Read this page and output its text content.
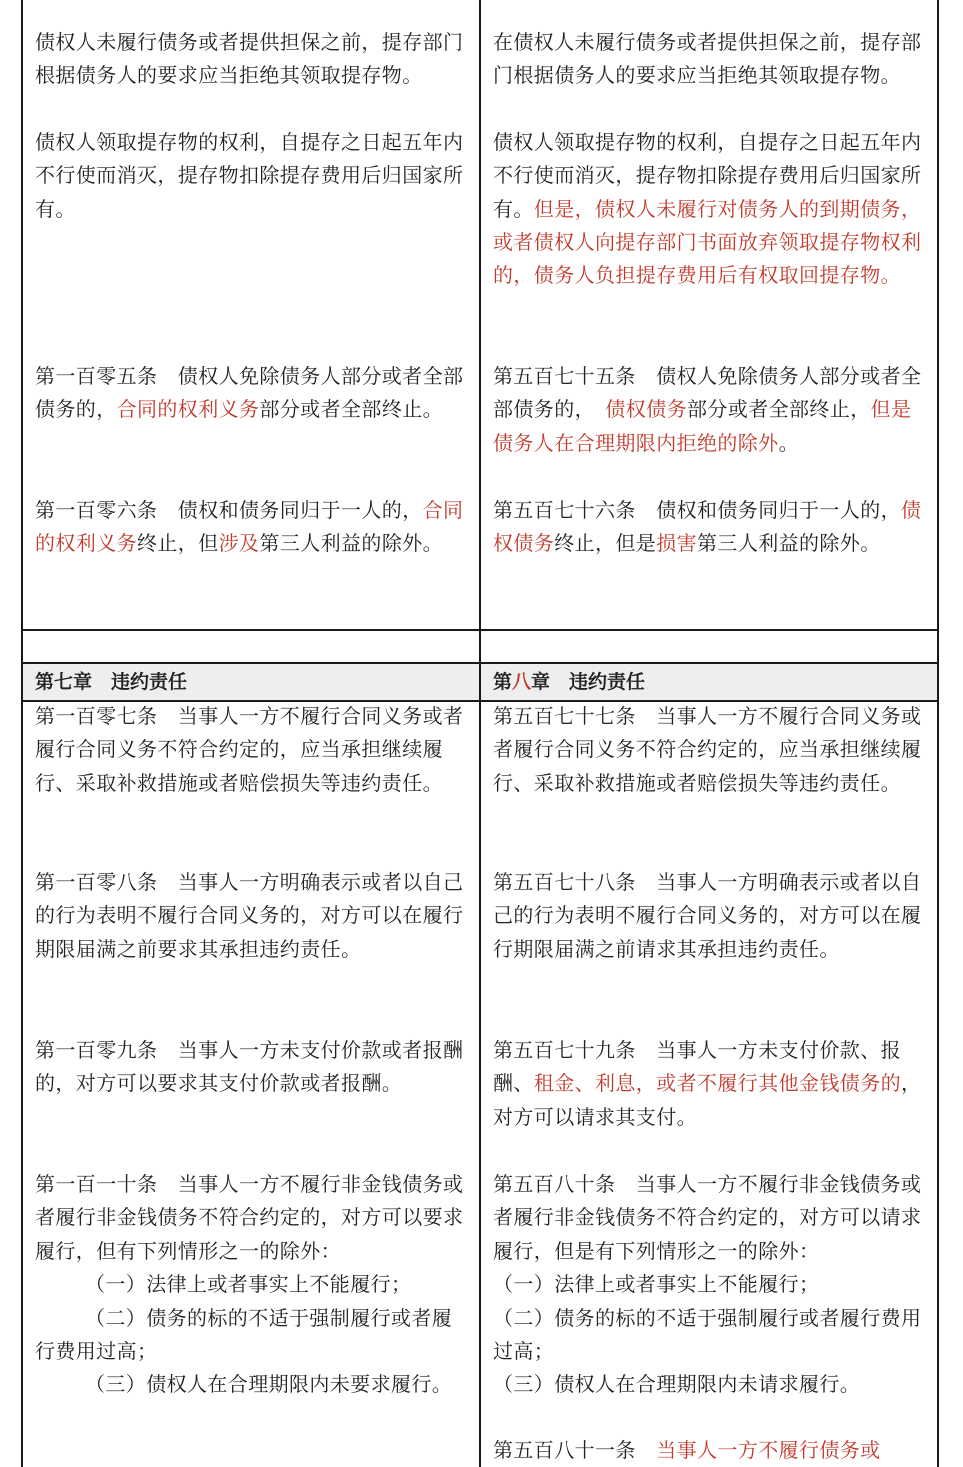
第七章　违约责任	第八章　违约责任

债权人未履行债务或者提供担保之前，提存部门根据债务人的要求应当拒绝其领取提存物。

债权人领取提存物的权利，自提存之日起五年内不行使而消灭，提存物扣除提存费用后归国家所有。

第一百零五条　债权人免除债务人部分或者全部债务的，合同的权利义务部分或者全部终止。

第一百零六条　债权和债务同归于一人的，合同的权利义务终止，但涉及第三人利益的除外。

第一百零七条　当事人一方不履行合同义务或者履行合同义务不符合约定的，应当承担继续履行、采取补救措施或者赔偿损失等违约责任。

第一百零八条　当事人一方明确表示或者以自己的行为表明不履行合同义务的，对方可以在履行期限届满之前要求其承担违约责任。

第一百零九条　当事人一方未支付价款或者报酬的，对方可以要求其支付价款或者报酬。

第一百一十条　当事人一方不履行非金钱债务或者履行非金钱债务不符合约定的，对方可以要求履行，但有下列情形之一的除外：

（一）法律上或者事实上不能履行；

（二）债务的标的不适于强制履行或者履行费用过高；

（三）债权人在合理期限内未要求履行。

在债权人未履行债务或者提供担保之前，提存部门根据债务人的要求应当拒绝其领取提存物。

债权人领取提存物的权利，自提存之日起五年内不行使而消灭，提存物扣除提存费用后归国家所有。但是，债权人未履行对债务人的到期债务，或者债权人向提存部门书面放弃领取提存物权利的，债务人负担提存费用后有权取回提存物。

第五百七十五条　债权人免除债务人部分或者全部债务的，　债权债务部分或者全部终止，但是债务人在合理期限内拒绝的除外。

第五百七十六条　债权和债务同归于一人的，债权债务终止，但是损害第三人利益的除外。

第五百七十七条　当事人一方不履行合同义务或者履行合同义务不符合约定的，应当承担继续履行、采取补救措施或者赔偿损失等违约责任。

第五百七十八条　当事人一方明确表示或者以自己的行为表明不履行合同义务的，对方可以在履行期限届满之前请求其承担违约责任。

第五百七十九条　当事人一方未支付价款、报酬、租金、利息，或者不履行其他金钱债务的，对方可以请求其支付。

第五百八十条　当事人一方不履行非金钱债务或者履行非金钱债务不符合约定的，对方可以请求履行，但是有下列情形之一的除外：

（一）法律上或者事实上不能履行；

（二）债务的标的不适于强制履行或者履行费用过高；

（三）债权人在合理期限内未请求履行。

第五百八十一条　当事人一方不履行债务或
